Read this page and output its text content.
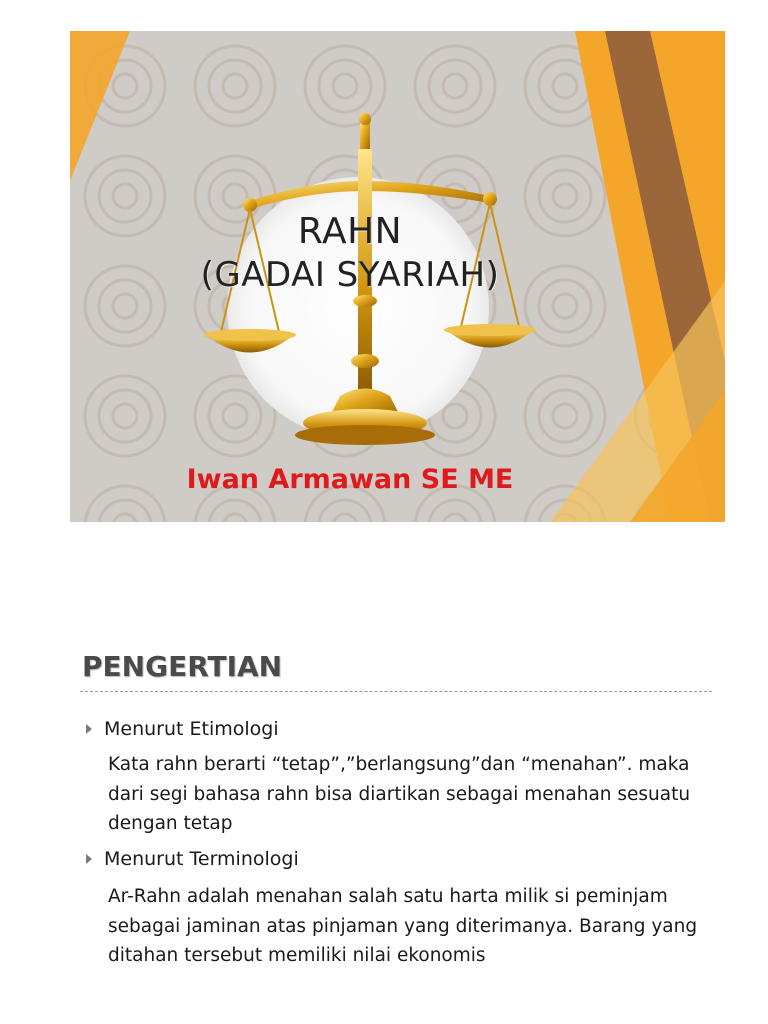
RAHN
(GADAI SYARIAH)
Iwan Armawan SE ME
PENGERTIAN
Menurut Etimologi
Kata rahn berarti “tetap”,”berlangsung”dan “menahan”. maka dari segi bahasa rahn bisa diartikan sebagai menahan sesuatu dengan tetap
Menurut Terminologi
Ar-Rahn adalah menahan salah satu harta milik si peminjam sebagai jaminan atas pinjaman yang diterimanya. Barang yang ditahan tersebut memiliki nilai ekonomis
